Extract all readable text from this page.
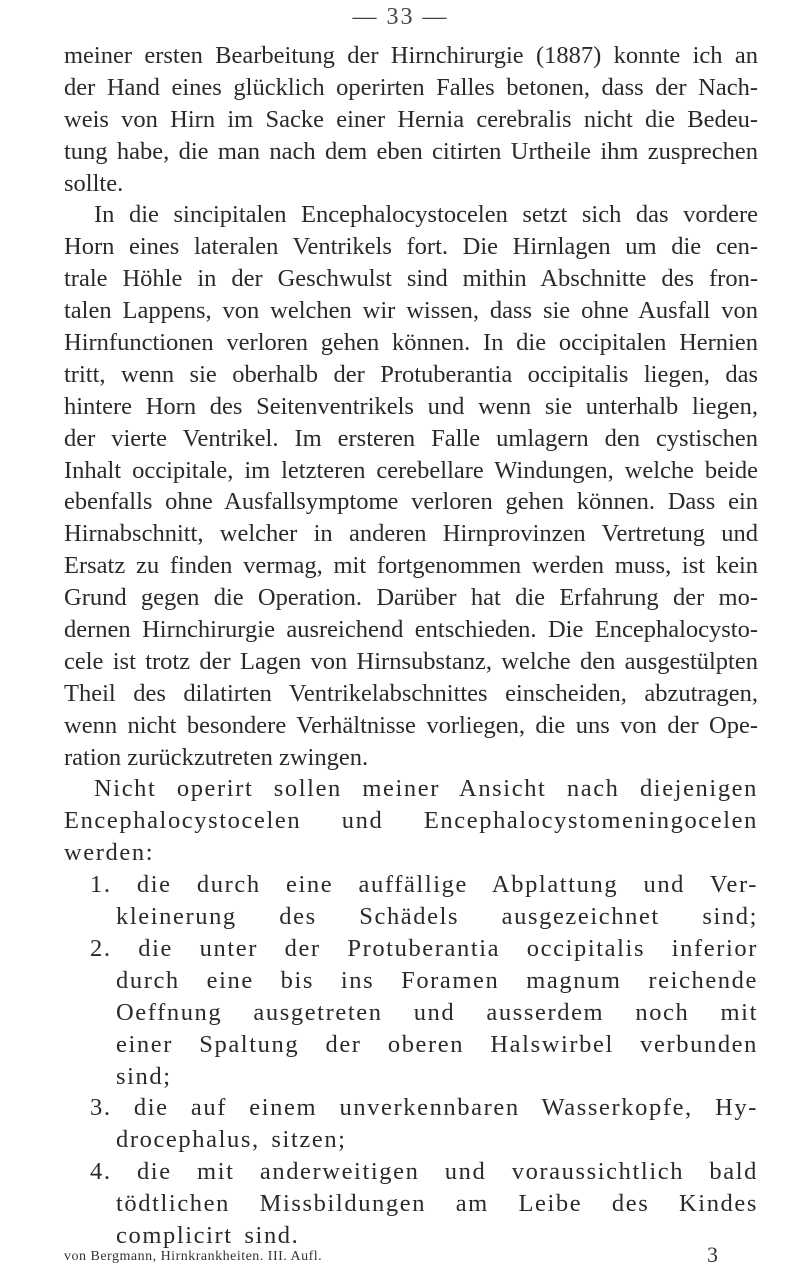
— 33 —
meiner ersten Bearbeitung der Hirnchirurgie (1887) konnte ich an
der Hand eines glücklich operirten Falles betonen, dass der Nach-
weis von Hirn im Sacke einer Hernia cerebralis nicht die Bedeu-
tung habe, die man nach dem eben citirten Urtheile ihm zusprechen
sollte.
In die sincipitalen Encephalocystocelen setzt sich das vordere
Horn eines lateralen Ventrikels fort. Die Hirnlagen um die cen-
trale Höhle in der Geschwulst sind mithin Abschnitte des fron-
talen Lappens, von welchen wir wissen, dass sie ohne Ausfall von
Hirnfunctionen verloren gehen können. In die occipitalen Hernien
tritt, wenn sie oberhalb der Protuberantia occipitalis liegen, das
hintere Horn des Seitenventrikels und wenn sie unterhalb liegen,
der vierte Ventrikel. Im ersteren Falle umlagern den cystischen
Inhalt occipitale, im letzteren cerebellare Windungen, welche beide
ebenfalls ohne Ausfallsymptome verloren gehen können. Dass ein
Hirnabschnitt, welcher in anderen Hirnprovinzen Vertretung und
Ersatz zu finden vermag, mit fortgenommen werden muss, ist kein
Grund gegen die Operation. Darüber hat die Erfahrung der mo-
dernen Hirnchirurgie ausreichend entschieden. Die Encephalocysto-
cele ist trotz der Lagen von Hirnsubstanz, welche den ausgestülpten
Theil des dilatirten Ventrikelabschnittes einscheiden, abzutragen,
wenn nicht besondere Verhältnisse vorliegen, die uns von der Ope-
ration zurückzutreten zwingen.
Nicht operirt sollen meiner Ansicht nach diejenigen
Encephalocystocelen und Encephalocystomeningocelen
werden:
1. die durch eine auffällige Abplattung und Ver-
kleinerung des Schädels ausgezeichnet sind;
2. die unter der Protuberantia occipitalis inferior
durch eine bis ins Foramen magnum reichende
Oeffnung ausgetreten und ausserdem noch mit
einer Spaltung der oberen Halswirbel verbunden
sind;
3. die auf einem unverkennbaren Wasserkopfe, Hy-
drocephalus, sitzen;
4. die mit anderweitigen und voraussichtlich bald
tödtlichen Missbildungen am Leibe des Kindes
complicirt sind.
von Bergmann, Hirnkrankheiten. III. Aufl.	3
